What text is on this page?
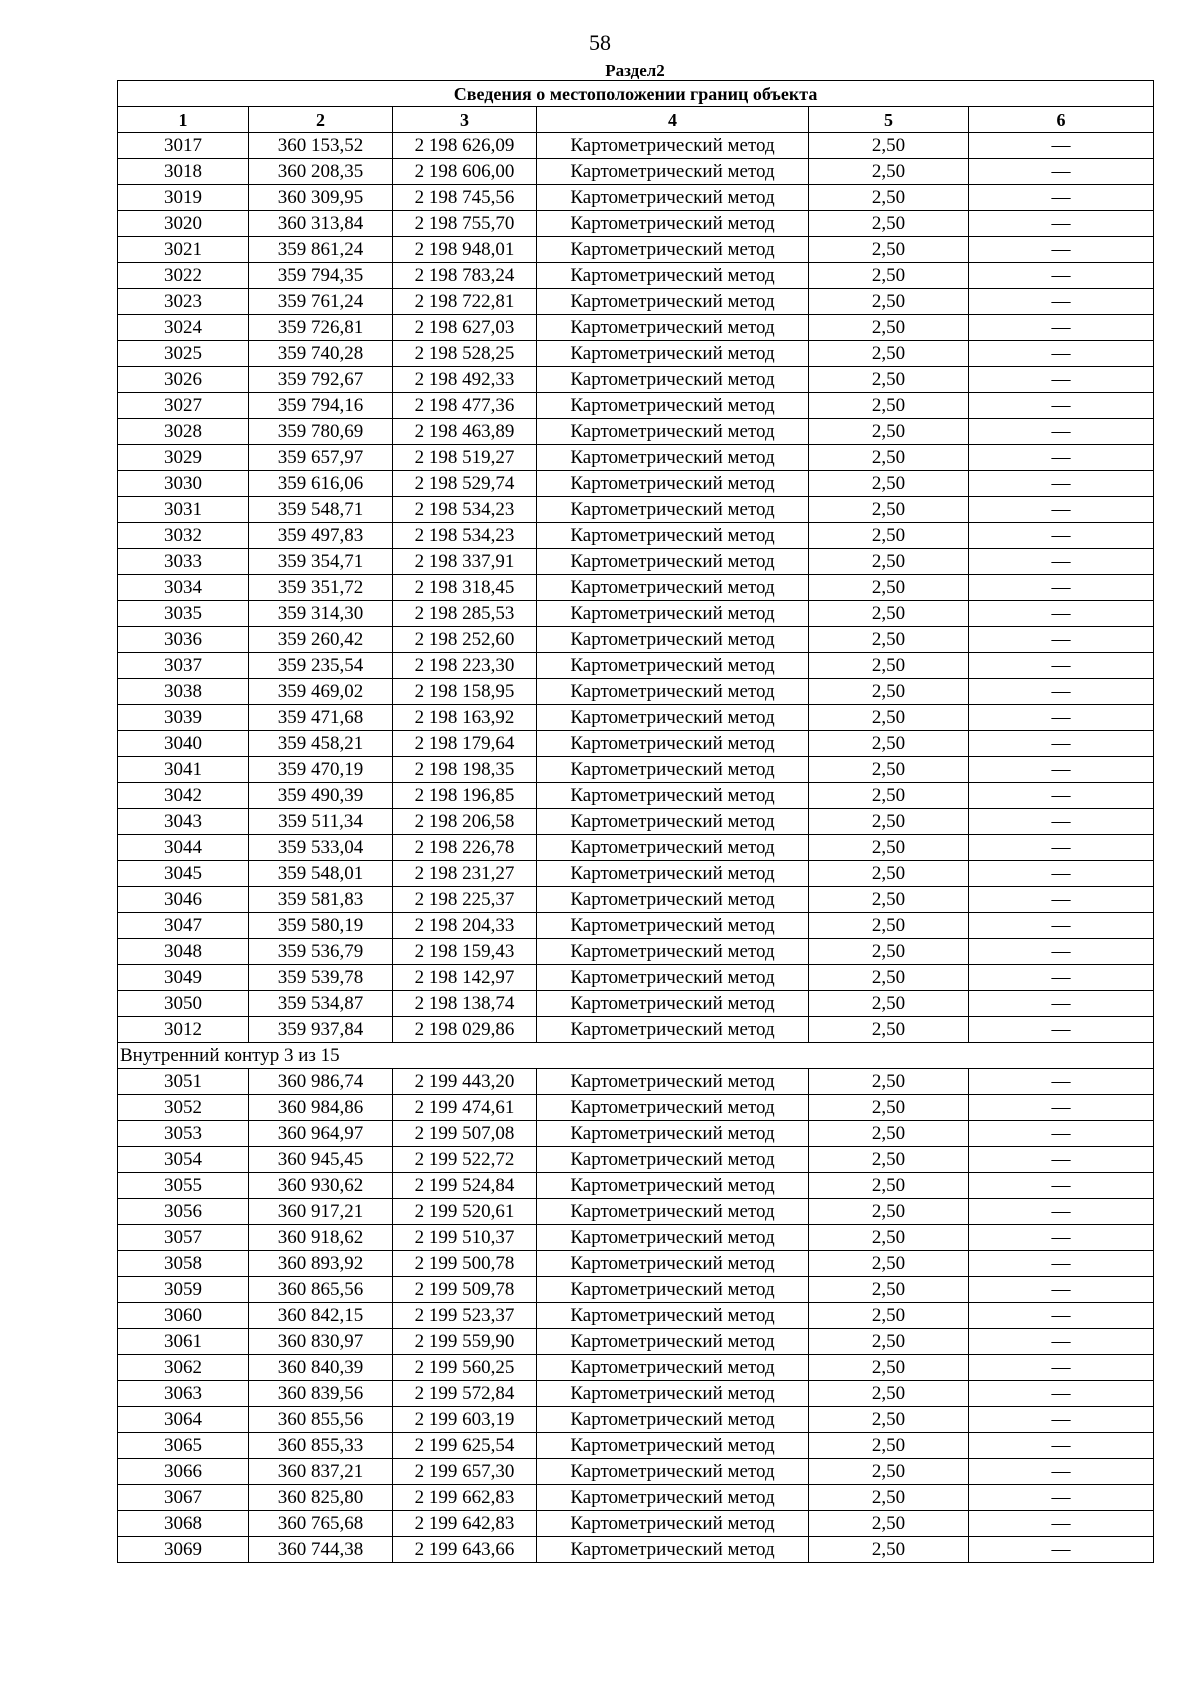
58
Раздел2
Сведения о местоположении границ объекта					
1	2	3	4	5	6
3017	360 153,52	2 198 626,09	Картометрический метод	2,50	—
3018	360 208,35	2 198 606,00	Картометрический метод	2,50	—
3019	360 309,95	2 198 745,56	Картометрический метод	2,50	—
3020	360 313,84	2 198 755,70	Картометрический метод	2,50	—
3021	359 861,24	2 198 948,01	Картометрический метод	2,50	—
3022	359 794,35	2 198 783,24	Картометрический метод	2,50	—
3023	359 761,24	2 198 722,81	Картометрический метод	2,50	—
3024	359 726,81	2 198 627,03	Картометрический метод	2,50	—
3025	359 740,28	2 198 528,25	Картометрический метод	2,50	—
3026	359 792,67	2 198 492,33	Картометрический метод	2,50	—
3027	359 794,16	2 198 477,36	Картометрический метод	2,50	—
3028	359 780,69	2 198 463,89	Картометрический метод	2,50	—
3029	359 657,97	2 198 519,27	Картометрический метод	2,50	—
3030	359 616,06	2 198 529,74	Картометрический метод	2,50	—
3031	359 548,71	2 198 534,23	Картометрический метод	2,50	—
3032	359 497,83	2 198 534,23	Картометрический метод	2,50	—
3033	359 354,71	2 198 337,91	Картометрический метод	2,50	—
3034	359 351,72	2 198 318,45	Картометрический метод	2,50	—
3035	359 314,30	2 198 285,53	Картометрический метод	2,50	—
3036	359 260,42	2 198 252,60	Картометрический метод	2,50	—
3037	359 235,54	2 198 223,30	Картометрический метод	2,50	—
3038	359 469,02	2 198 158,95	Картометрический метод	2,50	—
3039	359 471,68	2 198 163,92	Картометрический метод	2,50	—
3040	359 458,21	2 198 179,64	Картометрический метод	2,50	—
3041	359 470,19	2 198 198,35	Картометрический метод	2,50	—
3042	359 490,39	2 198 196,85	Картометрический метод	2,50	—
3043	359 511,34	2 198 206,58	Картометрический метод	2,50	—
3044	359 533,04	2 198 226,78	Картометрический метод	2,50	—
3045	359 548,01	2 198 231,27	Картометрический метод	2,50	—
3046	359 581,83	2 198 225,37	Картометрический метод	2,50	—
3047	359 580,19	2 198 204,33	Картометрический метод	2,50	—
3048	359 536,79	2 198 159,43	Картометрический метод	2,50	—
3049	359 539,78	2 198 142,97	Картометрический метод	2,50	—
3050	359 534,87	2 198 138,74	Картометрический метод	2,50	—
3012	359 937,84	2 198 029,86	Картометрический метод	2,50	—
Внутренний контур 3 из 15					
3051	360 986,74	2 199 443,20	Картометрический метод	2,50	—
3052	360 984,86	2 199 474,61	Картометрический метод	2,50	—
3053	360 964,97	2 199 507,08	Картометрический метод	2,50	—
3054	360 945,45	2 199 522,72	Картометрический метод	2,50	—
3055	360 930,62	2 199 524,84	Картометрический метод	2,50	—
3056	360 917,21	2 199 520,61	Картометрический метод	2,50	—
3057	360 918,62	2 199 510,37	Картометрический метод	2,50	—
3058	360 893,92	2 199 500,78	Картометрический метод	2,50	—
3059	360 865,56	2 199 509,78	Картометрический метод	2,50	—
3060	360 842,15	2 199 523,37	Картометрический метод	2,50	—
3061	360 830,97	2 199 559,90	Картометрический метод	2,50	—
3062	360 840,39	2 199 560,25	Картометрический метод	2,50	—
3063	360 839,56	2 199 572,84	Картометрический метод	2,50	—
3064	360 855,56	2 199 603,19	Картометрический метод	2,50	—
3065	360 855,33	2 199 625,54	Картометрический метод	2,50	—
3066	360 837,21	2 199 657,30	Картометрический метод	2,50	—
3067	360 825,80	2 199 662,83	Картометрический метод	2,50	—
3068	360 765,68	2 199 642,83	Картометрический метод	2,50	—
3069	360 744,38	2 199 643,66	Картометрический метод	2,50	—
